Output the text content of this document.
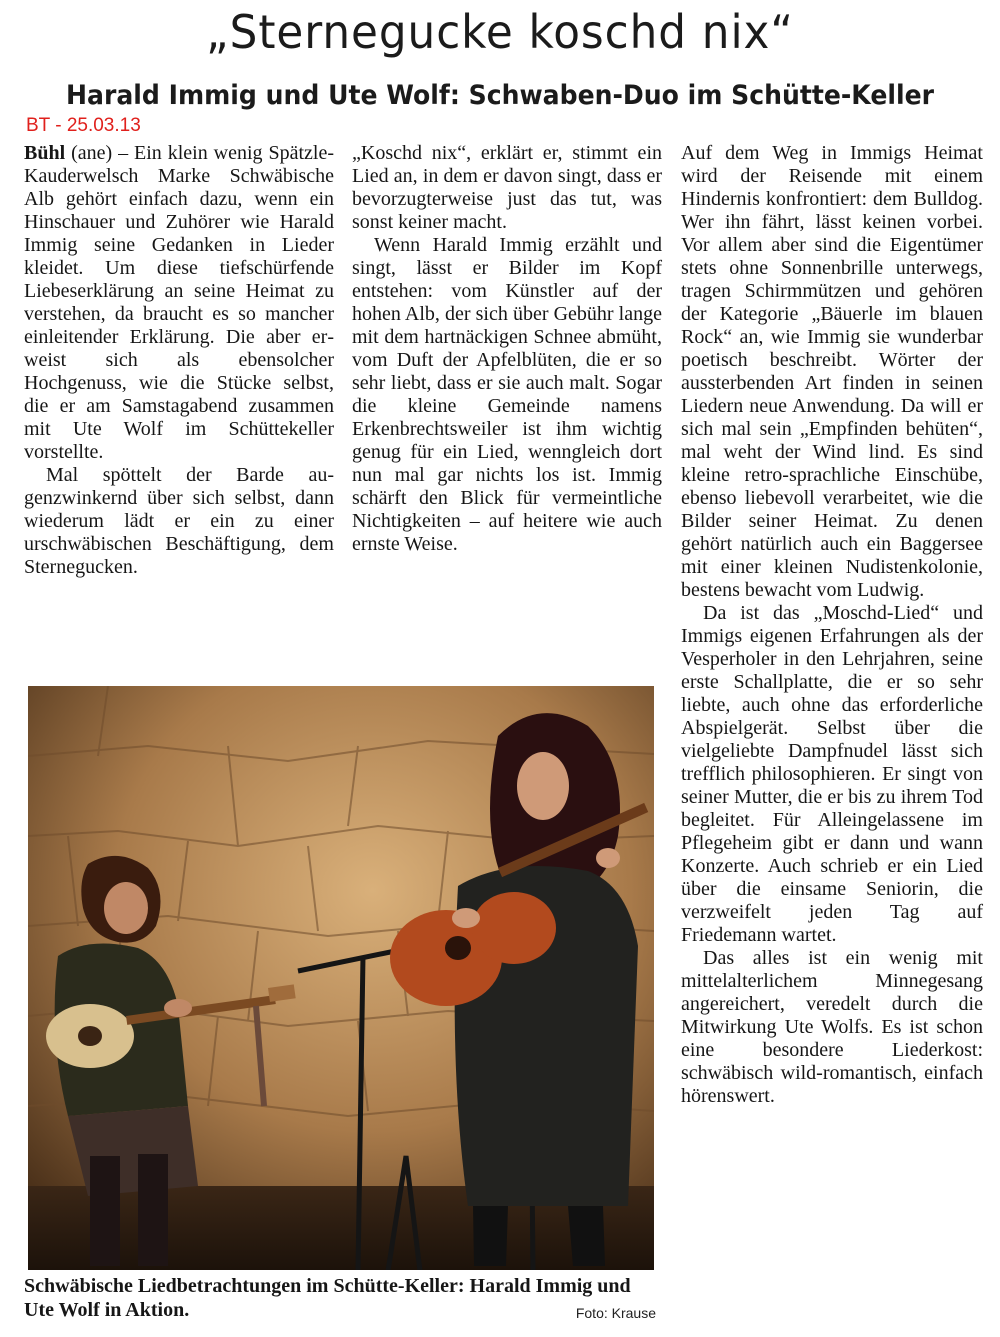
„Sternegucke koschd nix“
Harald Immig und Ute Wolf: Schwaben-Duo im Schütte-Keller
BT - 25.03.13

Bühl (ane) – Ein klein wenig Spätzle-Kauderwelsch Marke Schwäbische Alb gehört einfach dazu, wenn ein Hinschauer und Zuhörer wie Harald Immig seine Gedanken in Lieder kleidet. Um diese tiefschürfende Liebeserklärung an seine Heimat zu verstehen, da braucht es so mancher einleitender Erklärung. Die aber erweist sich als ebensolcher Hochgenuss, wie die Stücke selbst, die er am Samstagabend zusammen mit Ute Wolf im Schüttekeller vorstellte.

Mal spöttelt der Barde augenzwinkernd über sich selbst, dann wiederum lädt er ein zu einer urschwäbischen Beschäftigung, dem Sternegucken.

„Koschd nix“, erklärt er, stimmt ein Lied an, in dem er davon singt, dass er bevorzugterweise just das tut, was sonst keiner macht.

Wenn Harald Immig erzählt und singt, lässt er Bilder im Kopf entstehen: vom Künstler auf der hohen Alb, der sich über Gebühr lange mit dem hartnäckigen Schnee abmüht, vom Duft der Apfelblüten, die er so sehr liebt, dass er sie auch malt. Sogar die kleine Gemeinde namens Erkenbrechtsweiler ist ihm wichtig genug für ein Lied, wenngleich dort nun mal gar nichts los ist. Immig schärft den Blick für vermeintliche Nichtigkeiten – auf heitere wie auch ernste Weise.

Auf dem Weg in Immigs Heimat wird der Reisende mit einem Hindernis konfrontiert: dem Bulldog. Wer ihn fährt, lässt keinen vorbei. Vor allem aber sind die Eigentümer stets ohne Sonnenbrille unterwegs, tragen Schirmmützen und gehören der Kategorie „Bäuerle im blauen Rock“ an, wie Immig sie wunderbar poetisch beschreibt. Wörter der aussterbenden Art finden in seinen Liedern neue Anwendung. Da will er sich mal sein „Empfinden behüten“, mal weht der Wind lind. Es sind kleine retro-sprachliche Einschübe, ebenso liebevoll verarbeitet, wie die Bilder seiner Heimat. Zu denen gehört natürlich auch ein Baggersee mit einer kleinen Nudistenkolonie, bestens bewacht vom Ludwig.

Da ist das „Moschd-Lied“ und Immigs eigenen Erfahrungen als der Vesperholer in den Lehrjahren, seine erste Schallplatte, die er so sehr liebte, auch ohne das erforderliche Abspielgerät. Selbst über die vielgeliebte Dampfnudel lässt sich trefflich philosophieren. Er singt von seiner Mutter, die er bis zu ihrem Tod begleitet. Für Alleingelassene im Pflegeheim gibt er dann und wann Konzerte. Auch schrieb er ein Lied über die einsame Seniorin, die verzweifelt jeden Tag auf Friedemann wartet.

Das alles ist ein wenig mit mittelalterlichem Minnegesang angereichert, veredelt durch die Mitwirkung Ute Wolfs. Es ist schon eine besondere Liederkost: schwäbisch wild-romantisch, einfach hörenswert.

Schwäbische Liedbetrachtungen im Schütte-Keller: Harald Immig und Ute Wolf in Aktion.	Foto: Krause
